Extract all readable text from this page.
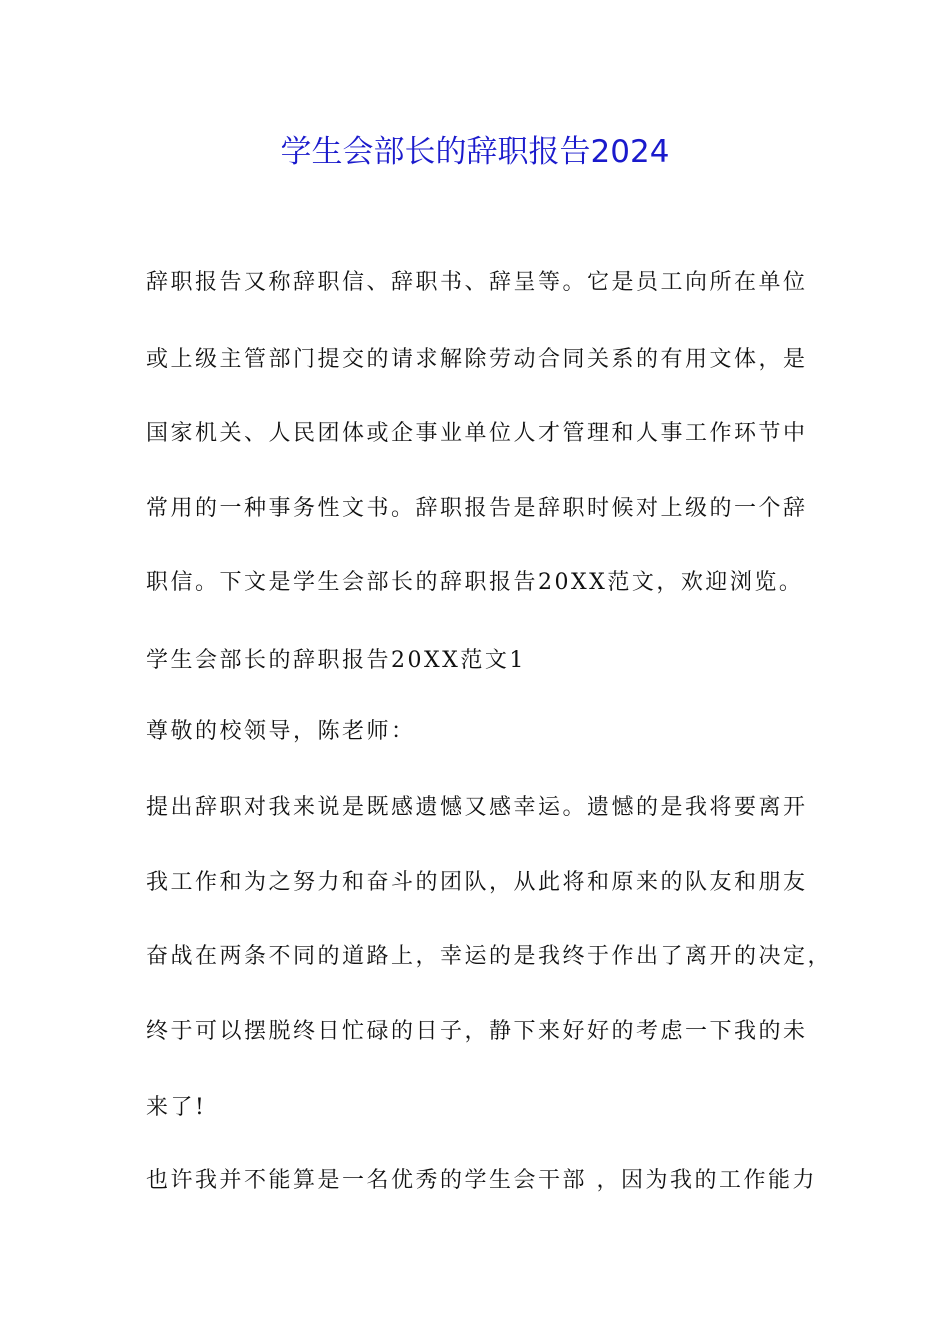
学生会部长的辞职报告2024

辞职报告又称辞职信、辞职书、辞呈等。它是员工向所在单位

或上级主管部门提交的请求解除劳动合同关系的有用文体，是

国家机关、人民团体或企事业单位人才管理和人事工作环节中

常用的一种事务性文书。辞职报告是辞职时候对上级的一个辞

职信。下文是学生会部长的辞职报告20XX范文，欢迎浏览。

学生会部长的辞职报告20XX范文1

尊敬的校领导，陈老师：

提出辞职对我来说是既感遗憾又感幸运。遗憾的是我将要离开

我工作和为之努力和奋斗的团队，从此将和原来的队友和朋友

奋战在两条不同的道路上，幸运的是我终于作出了离开的决定，

终于可以摆脱终日忙碌的日子，静下来好好的考虑一下我的未

来了!

也许我并不能算是一名优秀的学生会干部 ，因为我的工作能力
